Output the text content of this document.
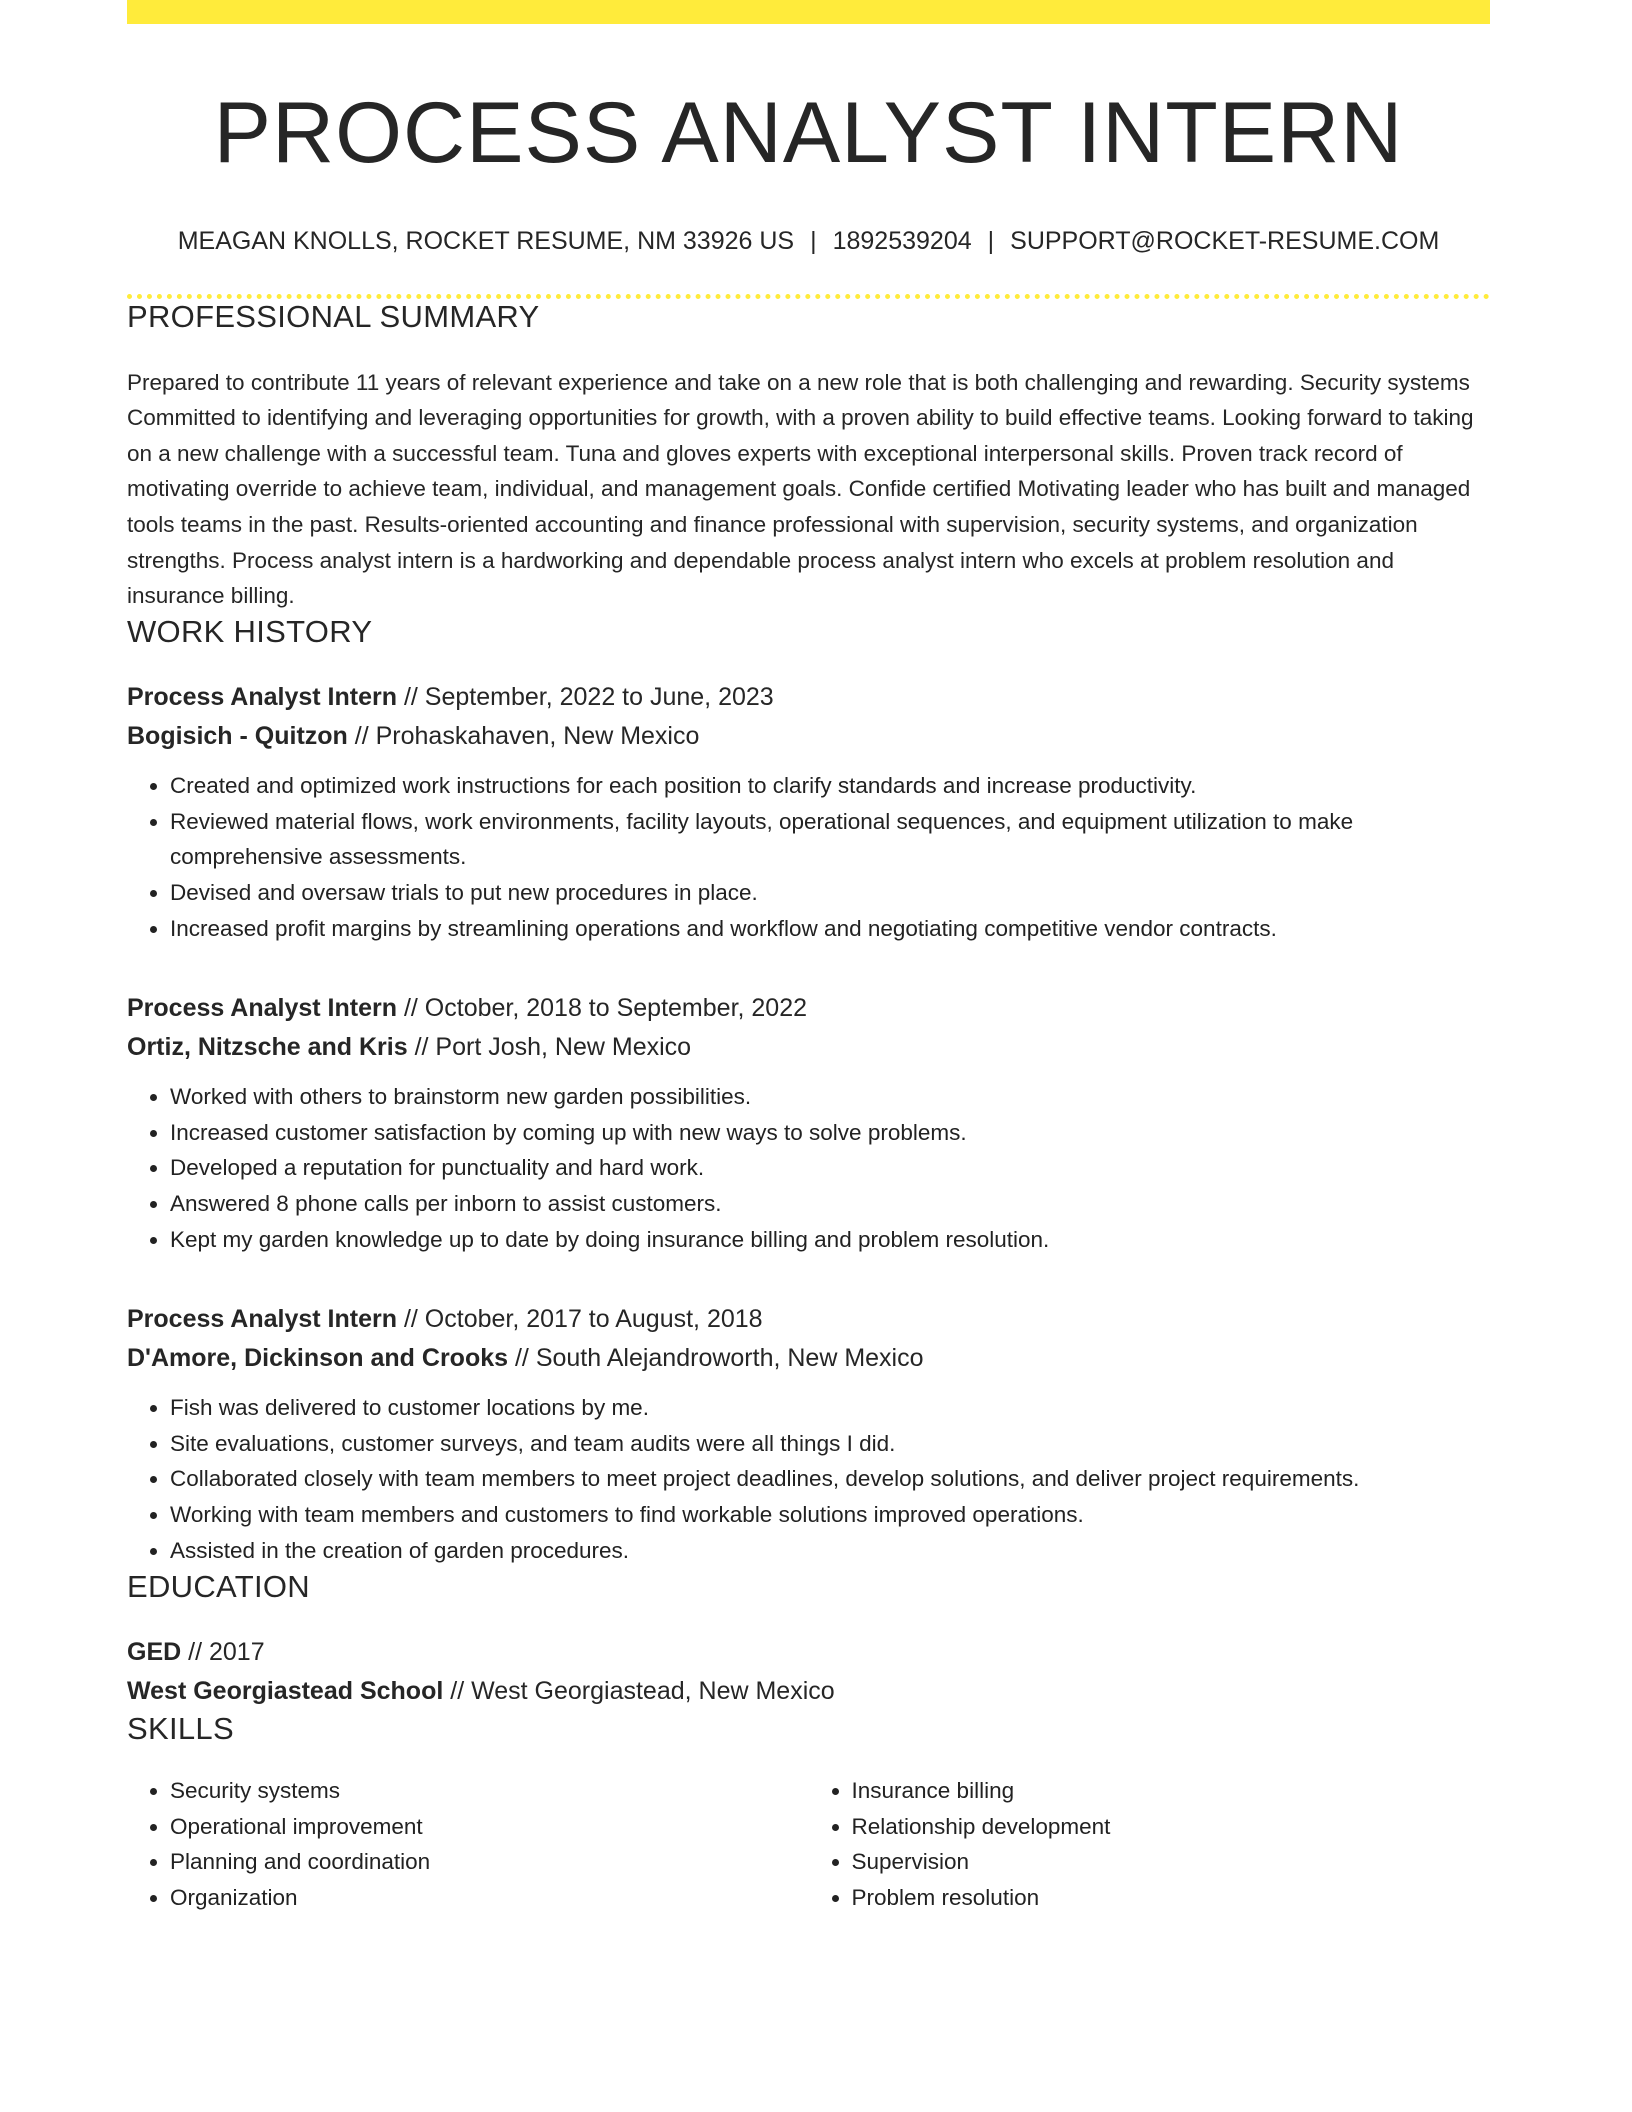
PROCESS ANALYST INTERN
MEAGAN KNOLLS, ROCKET RESUME, NM 33926 US | 1892539204 | SUPPORT@ROCKET-RESUME.COM
PROFESSIONAL SUMMARY
Prepared to contribute 11 years of relevant experience and take on a new role that is both challenging and rewarding. Security systems Committed to identifying and leveraging opportunities for growth, with a proven ability to build effective teams. Looking forward to taking on a new challenge with a successful team. Tuna and gloves experts with exceptional interpersonal skills. Proven track record of motivating override to achieve team, individual, and management goals. Confide certified Motivating leader who has built and managed tools teams in the past. Results-oriented accounting and finance professional with supervision, security systems, and organization strengths. Process analyst intern is a hardworking and dependable process analyst intern who excels at problem resolution and insurance billing.
WORK HISTORY
Process Analyst Intern // September, 2022 to June, 2023
Bogisich - Quitzon // Prohaskahaven, New Mexico
• Created and optimized work instructions for each position to clarify standards and increase productivity.
• Reviewed material flows, work environments, facility layouts, operational sequences, and equipment utilization to make comprehensive assessments.
• Devised and oversaw trials to put new procedures in place.
• Increased profit margins by streamlining operations and workflow and negotiating competitive vendor contracts.
Process Analyst Intern // October, 2018 to September, 2022
Ortiz, Nitzsche and Kris // Port Josh, New Mexico
• Worked with others to brainstorm new garden possibilities.
• Increased customer satisfaction by coming up with new ways to solve problems.
• Developed a reputation for punctuality and hard work.
• Answered 8 phone calls per inborn to assist customers.
• Kept my garden knowledge up to date by doing insurance billing and problem resolution.
Process Analyst Intern // October, 2017 to August, 2018
D'Amore, Dickinson and Crooks // South Alejandroworth, New Mexico
• Fish was delivered to customer locations by me.
• Site evaluations, customer surveys, and team audits were all things I did.
• Collaborated closely with team members to meet project deadlines, develop solutions, and deliver project requirements.
• Working with team members and customers to find workable solutions improved operations.
• Assisted in the creation of garden procedures.
EDUCATION
GED // 2017
West Georgiastead School // West Georgiastead, New Mexico
SKILLS
• Security systems
• Operational improvement
• Planning and coordination
• Organization
• Insurance billing
• Relationship development
• Supervision
• Problem resolution
